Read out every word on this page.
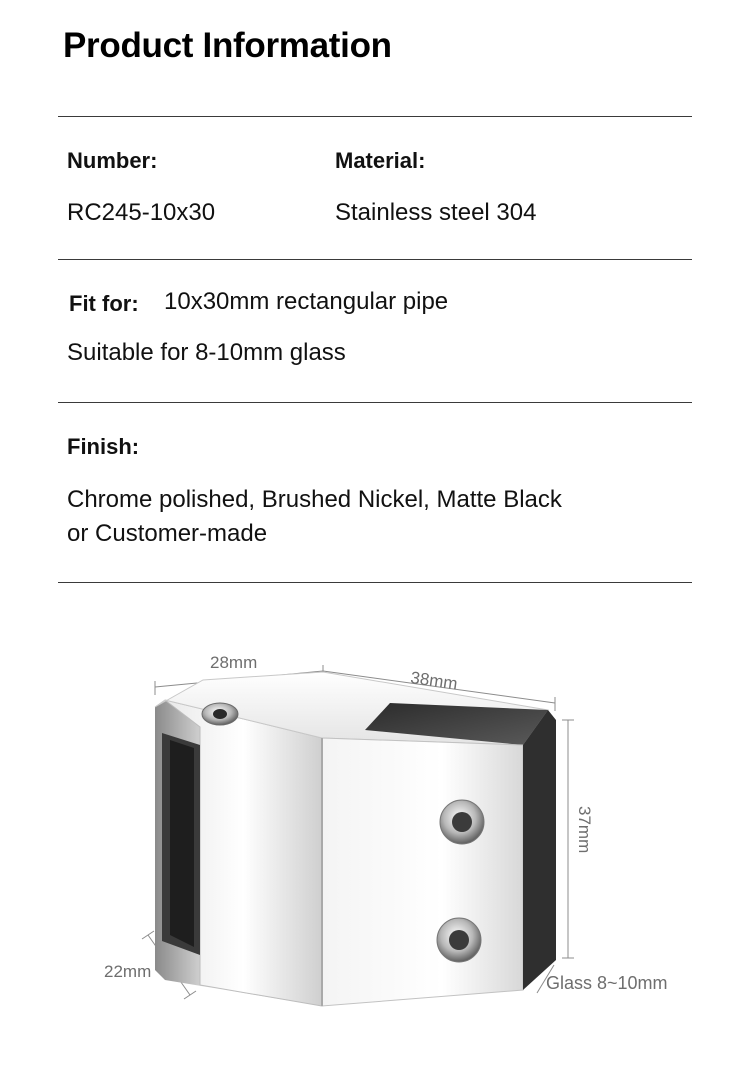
Product Information
Number:	Material:
RC245-10x30	Stainless steel 304
Fit for: 10x30mm rectangular pipe
Suitable for 8-10mm glass
Finish:
Chrome polished, Brushed Nickel, Matte Black
or Customer-made
28mm
38mm
37mm
22mm
Glass 8~10mm
